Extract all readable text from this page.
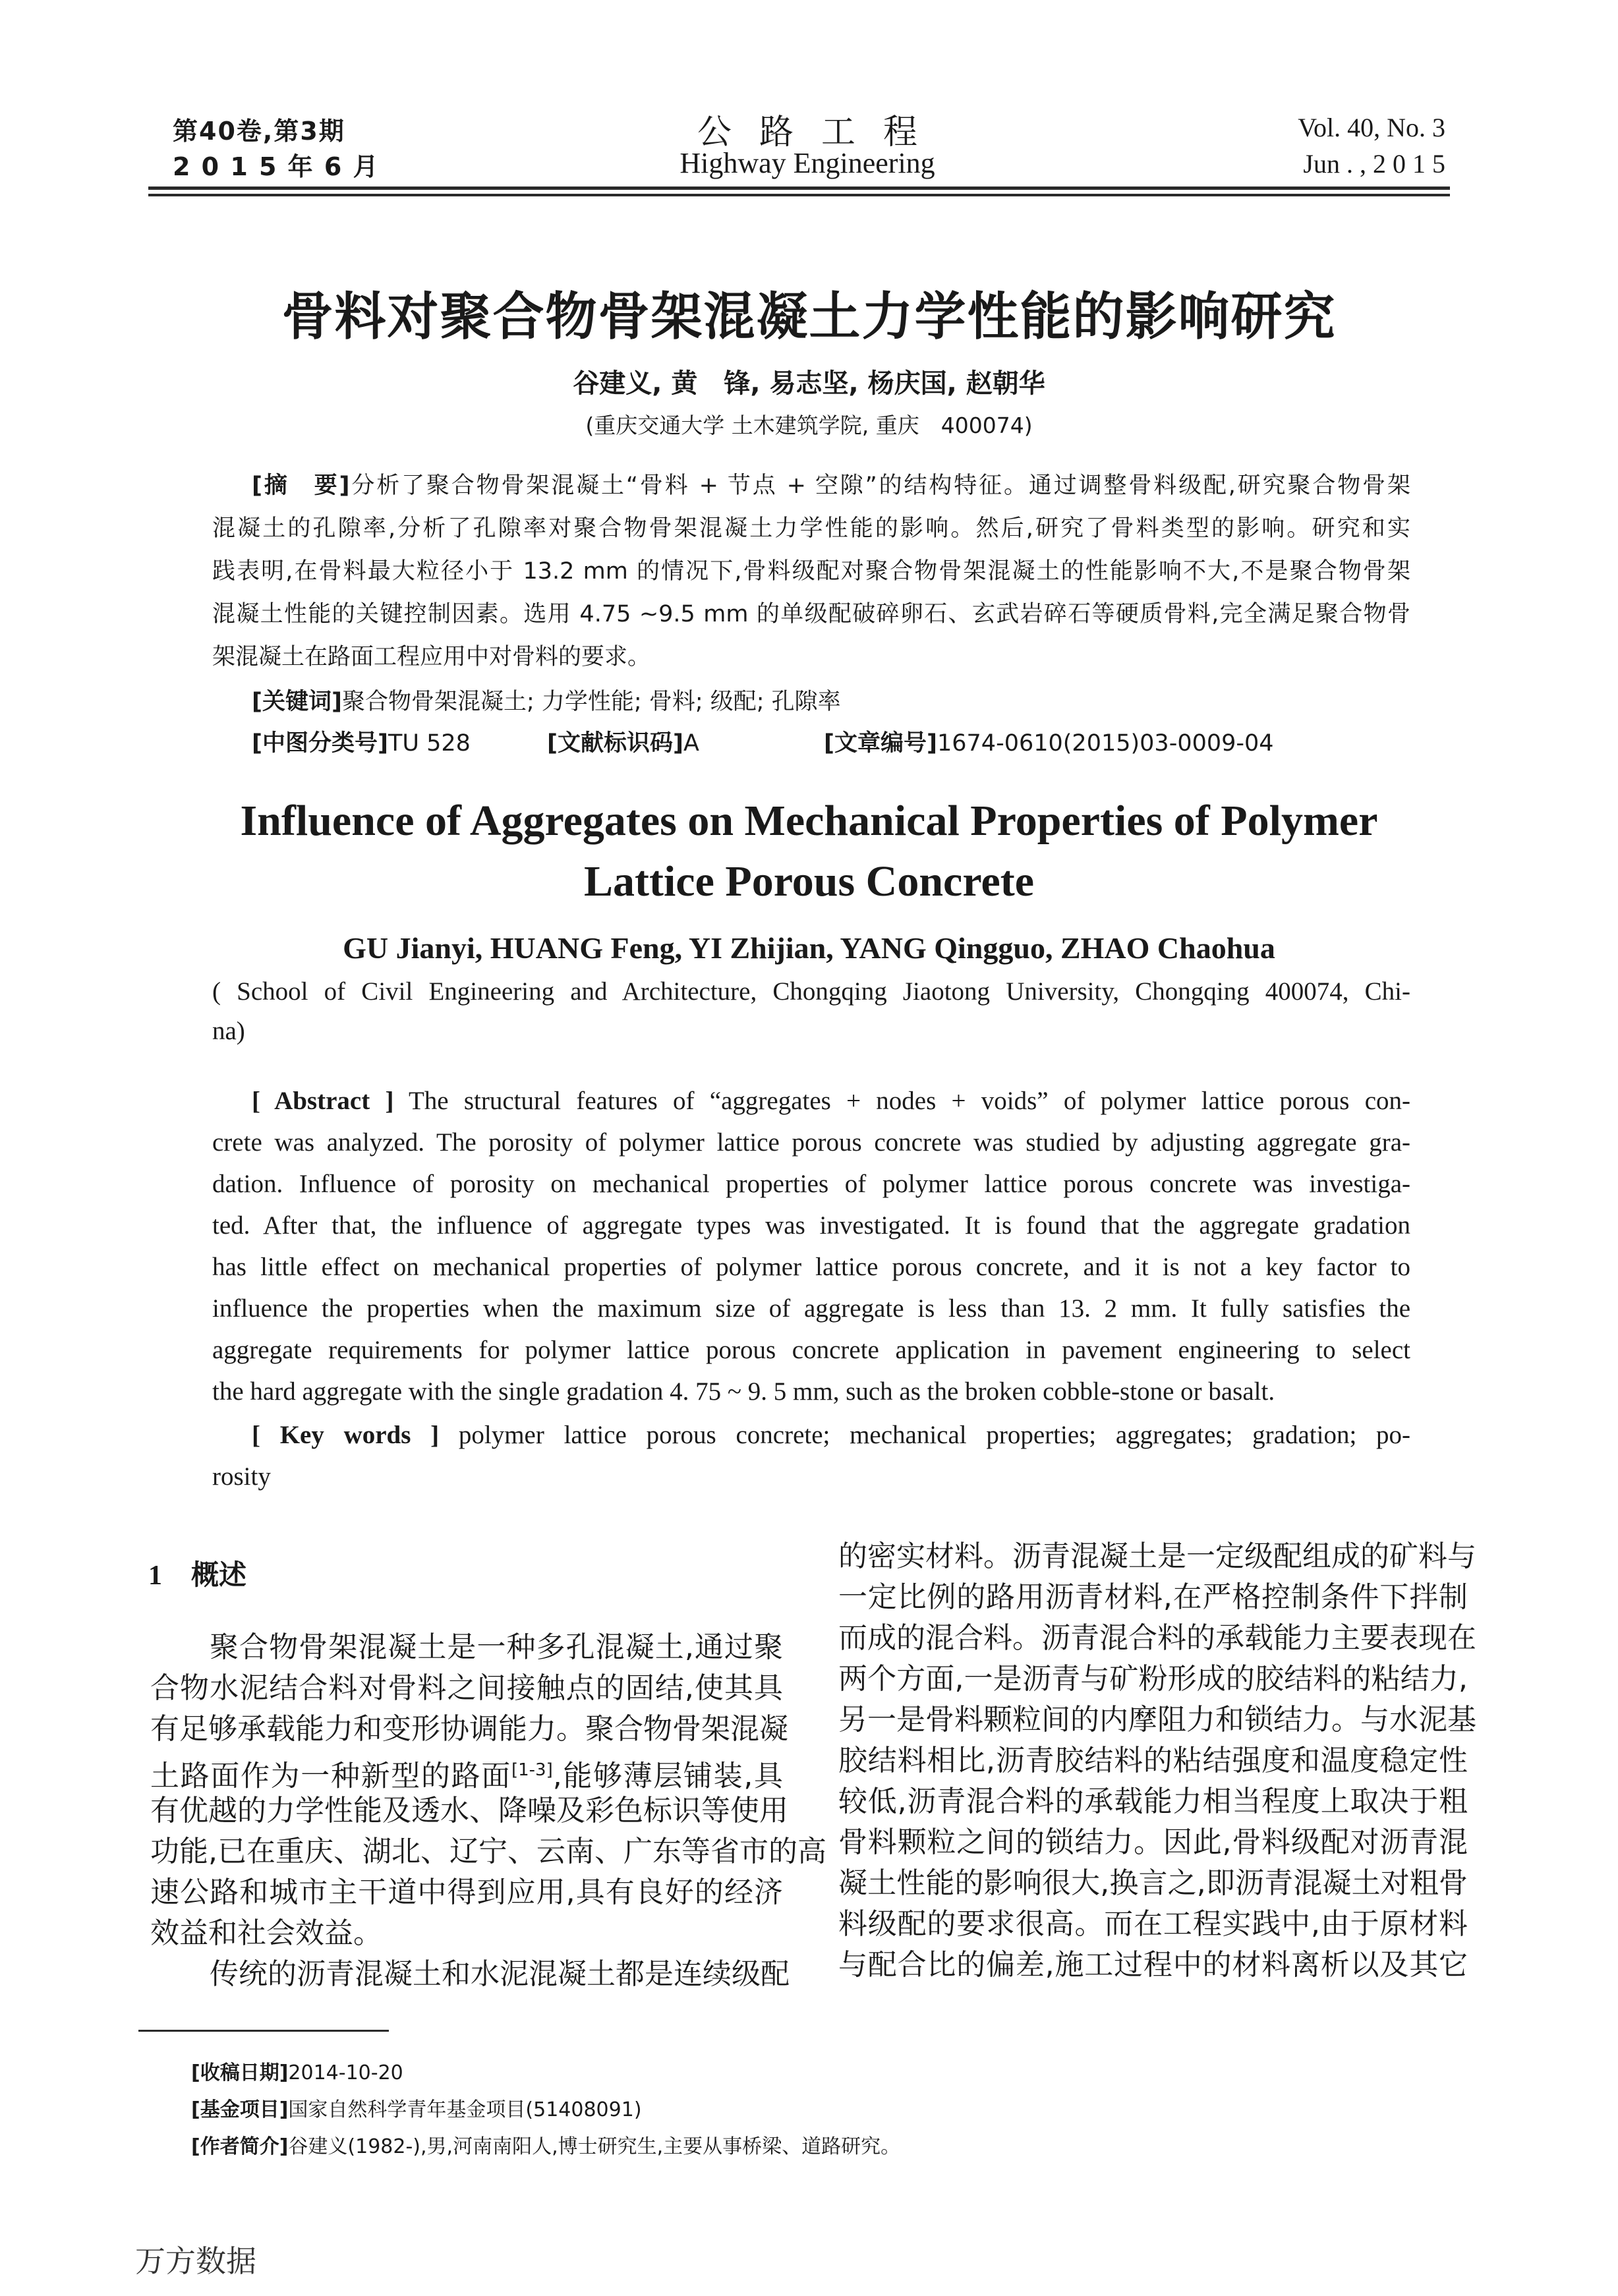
第40卷,第3期
2 0 1 5 年 6 月
公路工程
Highway Engineering
Vol. 40, No. 3
Jun . , 2 0 1 5
骨料对聚合物骨架混凝土力学性能的影响研究
谷建义, 黄　锋, 易志坚, 杨庆国, 赵朝华
(重庆交通大学 土木建筑学院, 重庆　400074)
[摘　要]分析了聚合物骨架混凝土“骨料 + 节点 + 空隙”的结构特征。通过调整骨料级配,研究聚合物骨架
混凝土的孔隙率,分析了孔隙率对聚合物骨架混凝土力学性能的影响。然后,研究了骨料类型的影响。研究和实
践表明,在骨料最大粒径小于 13.2 mm 的情况下,骨料级配对聚合物骨架混凝土的性能影响不大,不是聚合物骨架
混凝土性能的关键控制因素。选用 4.75 ~9.5 mm 的单级配破碎卵石、玄武岩碎石等硬质骨料,完全满足聚合物骨
架混凝土在路面工程应用中对骨料的要求。
[关键词]聚合物骨架混凝土; 力学性能; 骨料; 级配; 孔隙率
[中图分类号]TU 528	[文献标识码]A	[文章编号]1674-0610(2015)03-0009-04
Influence of Aggregates on Mechanical Properties of Polymer
Lattice Porous Concrete
GU Jianyi, HUANG Feng, YI Zhijian, YANG Qingguo, ZHAO Chaohua
( School of Civil Engineering and Architecture, Chongqing Jiaotong University, Chongqing 400074, Chi-
na)
[ Abstract ] The structural features of “aggregates + nodes + voids” of polymer lattice porous con-
crete was analyzed. The porosity of polymer lattice porous concrete was studied by adjusting aggregate gra-
dation. Influence of porosity on mechanical properties of polymer lattice porous concrete was investiga-
ted. After that, the influence of aggregate types was investigated. It is found that the aggregate gradation
has little effect on mechanical properties of polymer lattice porous concrete, and it is not a key factor to
influence the properties when the maximum size of aggregate is less than 13. 2 mm. It fully satisfies the
aggregate requirements for polymer lattice porous concrete application in pavement engineering to select
the hard aggregate with the single gradation 4. 75 ~ 9. 5 mm, such as the broken cobble-stone or basalt.
[ Key words ] polymer lattice porous concrete; mechanical properties; aggregates; gradation; po-
rosity
1 概述
聚合物骨架混凝土是一种多孔混凝土,通过聚
合物水泥结合料对骨料之间接触点的固结,使其具
有足够承载能力和变形协调能力。聚合物骨架混凝
土路面作为一种新型的路面[1-3],能够薄层铺装,具
有优越的力学性能及透水、降噪及彩色标识等使用
功能,已在重庆、湖北、辽宁、云南、广东等省市的高
速公路和城市主干道中得到应用,具有良好的经济
效益和社会效益。
传统的沥青混凝土和水泥混凝土都是连续级配
的密实材料。沥青混凝土是一定级配组成的矿料与
一定比例的路用沥青材料,在严格控制条件下拌制
而成的混合料。沥青混合料的承载能力主要表现在
两个方面,一是沥青与矿粉形成的胶结料的粘结力,
另一是骨料颗粒间的内摩阻力和锁结力。与水泥基
胶结料相比,沥青胶结料的粘结强度和温度稳定性
较低,沥青混合料的承载能力相当程度上取决于粗
骨料颗粒之间的锁结力。因此,骨料级配对沥青混
凝土性能的影响很大,换言之,即沥青混凝土对粗骨
料级配的要求很高。而在工程实践中,由于原材料
与配合比的偏差,施工过程中的材料离析以及其它
[收稿日期]2014-10-20
[基金项目]国家自然科学青年基金项目(51408091)
[作者简介]谷建义(1982-),男,河南南阳人,博士研究生,主要从事桥梁、道路研究。
万方数据
